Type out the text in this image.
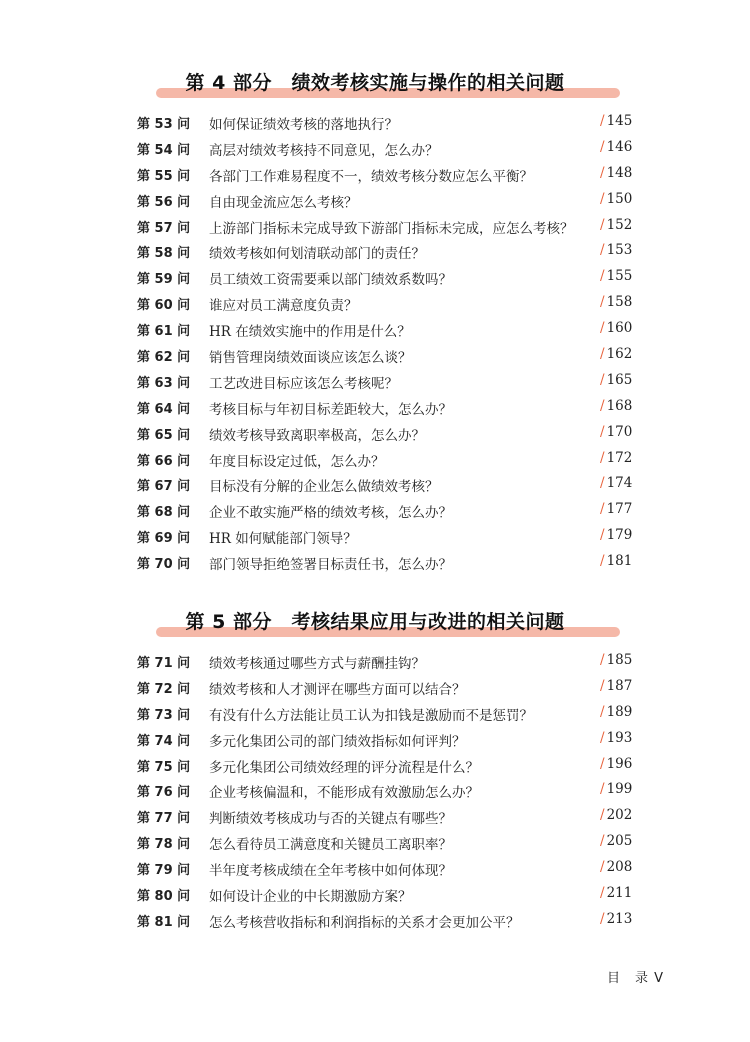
第 4 部分　绩效考核实施与操作的相关问题
第 53 问 如何保证绩效考核的落地执行？	/ 145
第 54 问 高层对绩效考核持不同意见，怎么办？	/ 146
第 55 问 各部门工作难易程度不一，绩效考核分数应怎么平衡？	/ 148
第 56 问 自由现金流应怎么考核？	/ 150
第 57 问 上游部门指标未完成导致下游部门指标未完成，应怎么考核？ / 152
第 58 问 绩效考核如何划清联动部门的责任？	/ 153
第 59 问 员工绩效工资需要乘以部门绩效系数吗？	/ 155
第 60 问 谁应对员工满意度负责？	/ 158
第 61 问 HR 在绩效实施中的作用是什么？	/ 160
第 62 问 销售管理岗绩效面谈应该怎么谈？	/ 162
第 63 问 工艺改进目标应该怎么考核呢？	/ 165
第 64 问 考核目标与年初目标差距较大，怎么办？	/ 168
第 65 问 绩效考核导致离职率极高，怎么办？	/ 170
第 66 问 年度目标设定过低，怎么办？	/ 172
第 67 问 目标没有分解的企业怎么做绩效考核？	/ 174
第 68 问 企业不敢实施严格的绩效考核，怎么办？	/ 177
第 69 问 HR 如何赋能部门领导？	/ 179
第 70 问 部门领导拒绝签署目标责任书，怎么办？	/ 181
第 5 部分　考核结果应用与改进的相关问题
第 71 问 绩效考核通过哪些方式与薪酬挂钩？	/ 185
第 72 问 绩效考核和人才测评在哪些方面可以结合？	/ 187
第 73 问 有没有什么方法能让员工认为扣钱是激励而不是惩罚？	/ 189
第 74 问 多元化集团公司的部门绩效指标如何评判？	/ 193
第 75 问 多元化集团公司绩效经理的评分流程是什么？	/ 196
第 76 问 企业考核偏温和，不能形成有效激励怎么办？	/ 199
第 77 问 判断绩效考核成功与否的关键点有哪些？	/ 202
第 78 问 怎么看待员工满意度和关键员工离职率？	/ 205
第 79 问 半年度考核成绩在全年考核中如何体现？	/ 208
第 80 问 如何设计企业的中长期激励方案？	/ 211
第 81 问 怎么考核营收指标和利润指标的关系才会更加公平？	/ 213
目　录 V
